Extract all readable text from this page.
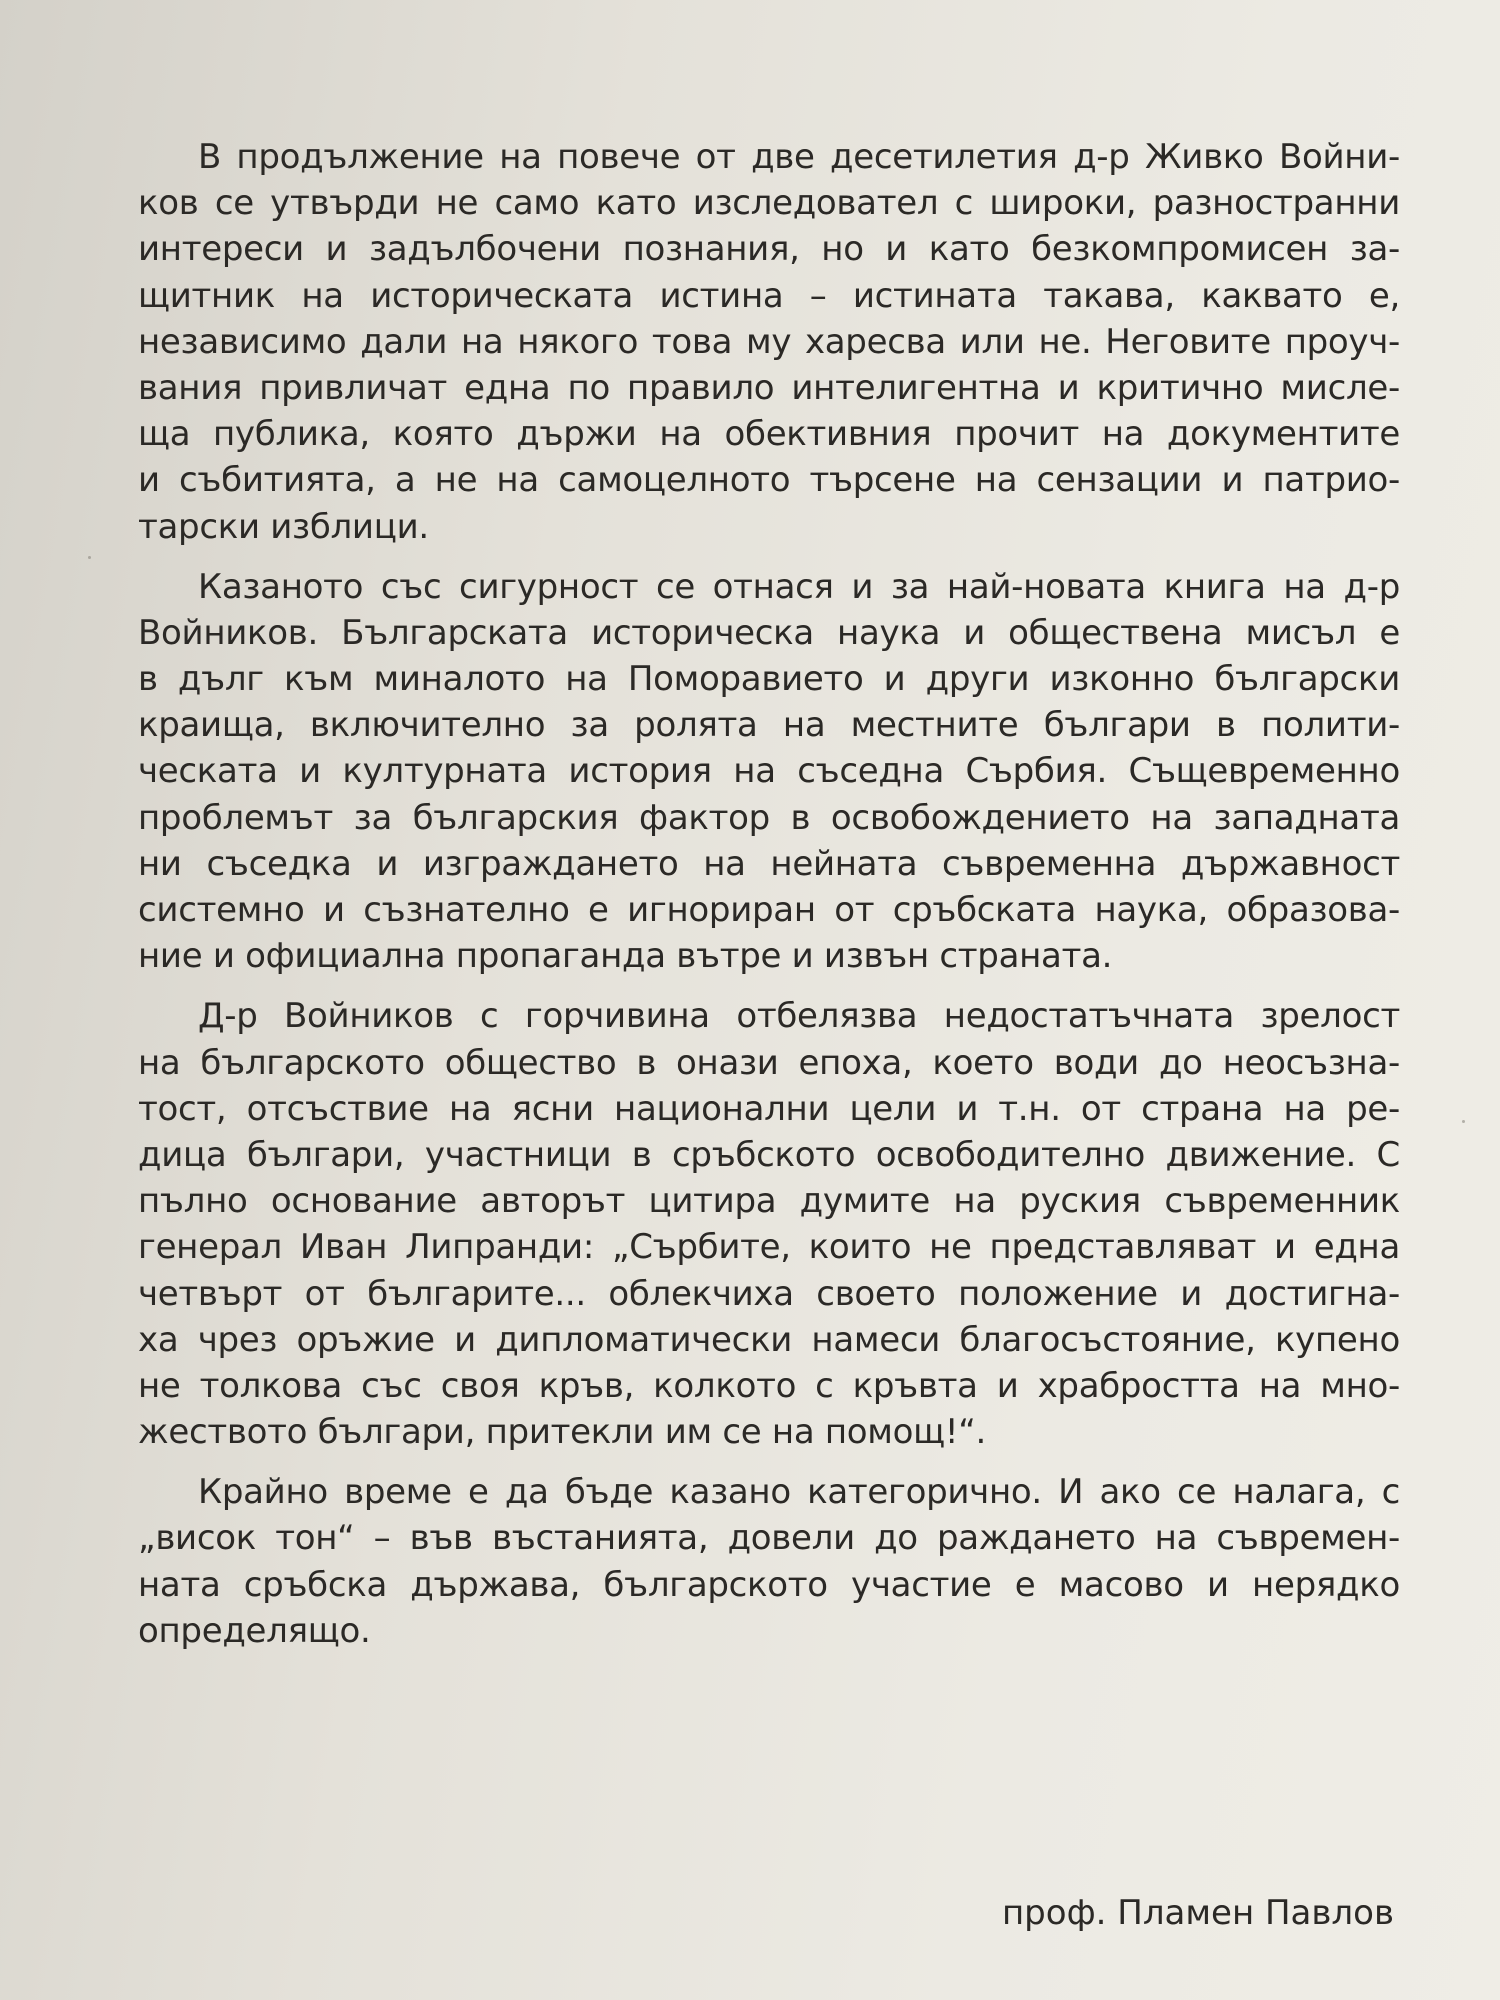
В продължение на повече от две десетилетия д-р Живко Войни-
ков се утвърди не само като изследовател с широки, разностранни
интереси и задълбочени познания, но и като безкомпромисен за-
щитник на историческата истина – истината такава, каквато е,
независимо дали на някого това му харесва или не. Неговите проуч-
вания привличат една по правило интелигентна и критично мисле-
ща публика, която държи на обективния прочит на документите
и събитията, а не на самоцелното търсене на сензации и патрио-
тарски изблици.

Казаното със сигурност се отнася и за най-новата книга на д-р
Войников. Българската историческа наука и обществена мисъл е
в дълг към миналото на Поморавието и други изконно български
краища, включително за ролята на местните българи в полити-
ческата и културната история на съседна Сърбия. Същевременно
проблемът за българския фактор в освобождението на западната
ни съседка и изграждането на нейната съвременна държавност
системно и съзнателно е игнориран от сръбската наука, образова-
ние и официална пропаганда вътре и извън страната.

Д-р Войников с горчивина отбелязва недостатъчната зрелост
на българското общество в онази епоха, което води до неосъзна-
тост, отсъствие на ясни национални цели и т.н. от страна на ре-
дица българи, участници в сръбското освободително движение. С
пълно основание авторът цитира думите на руския съвременник
генерал Иван Липранди: „Сърбите, които не представляват и една
четвърт от българите... облекчиха своето положение и достигна-
ха чрез оръжие и дипломатически намеси благосъстояние, купено
не толкова със своя кръв, колкото с кръвта и храбростта на мно-
жеството българи, притекли им се на помощ!“.

Крайно време е да бъде казано категорично. И ако се налага, с
„висок тон“ – във въстанията, довели до раждането на съвремен-
ната сръбска държава, българското участие е масово и нерядко
определящо.

проф. Пламен Павлов
